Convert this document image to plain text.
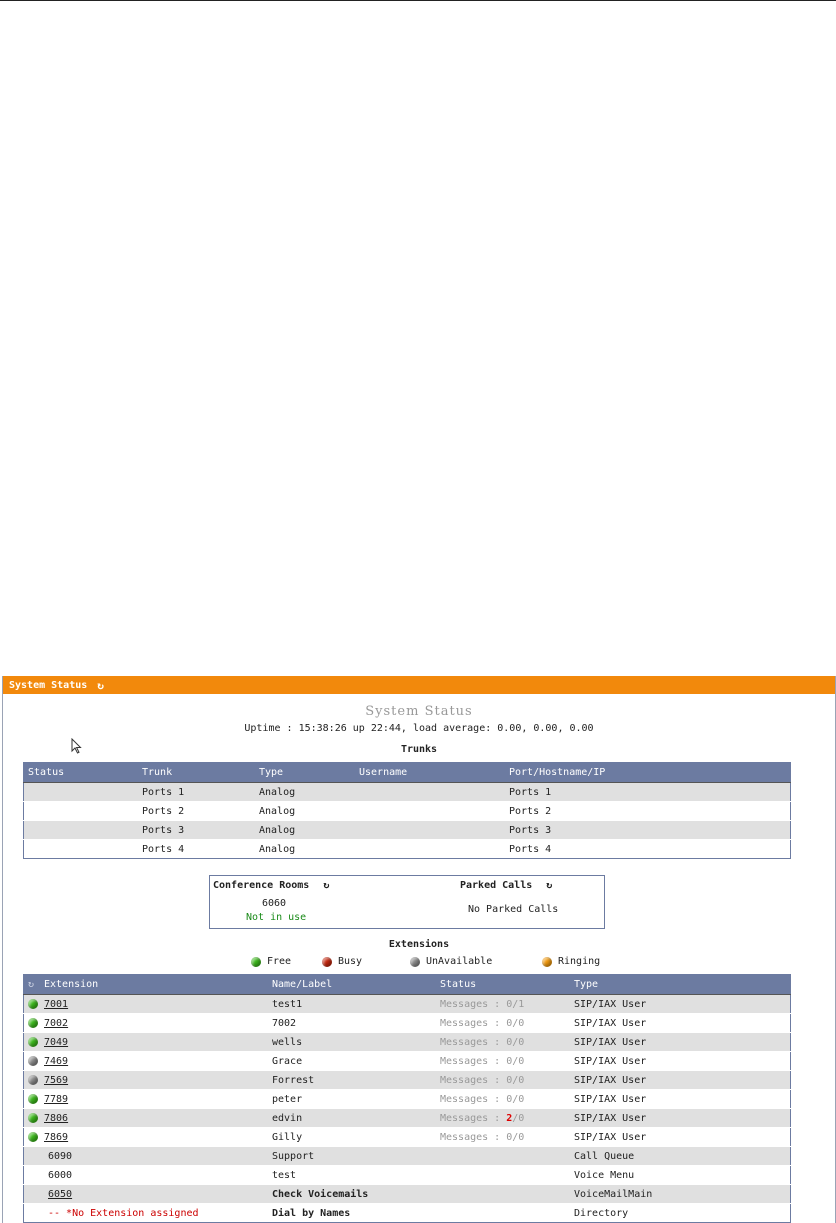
System Status ↻
System Status
Uptime : 15:38:26 up 22:44, load average: 0.00, 0.00, 0.00
Trunks
Status	Trunk	Type	Username	Port/Hostname/IP
	Ports 1	Analog		Ports 1
	Ports 2	Analog		Ports 2
	Ports 3	Analog		Ports 3
	Ports 4	Analog		Ports 4
Conference Rooms ↻	Parked Calls ↻
6060
Not in use
No Parked Calls
Extensions
Free	Busy	UnAvailable	Ringing
↻ Extension	Name/Label	Status	Type
7001	test1	Messages : 0/1	SIP/IAX User
7002	7002	Messages : 0/0	SIP/IAX User
7049	wells	Messages : 0/0	SIP/IAX User
7469	Grace	Messages : 0/0	SIP/IAX User
7569	Forrest	Messages : 0/0	SIP/IAX User
7789	peter	Messages : 0/0	SIP/IAX User
7806	edvin	Messages : 2/0	SIP/IAX User
7869	Gilly	Messages : 0/0	SIP/IAX User
6090	Support		Call Queue
6000	test		Voice Menu
6050	Check Voicemails		VoiceMailMain
-- *No Extension assigned	Dial by Names		Directory
